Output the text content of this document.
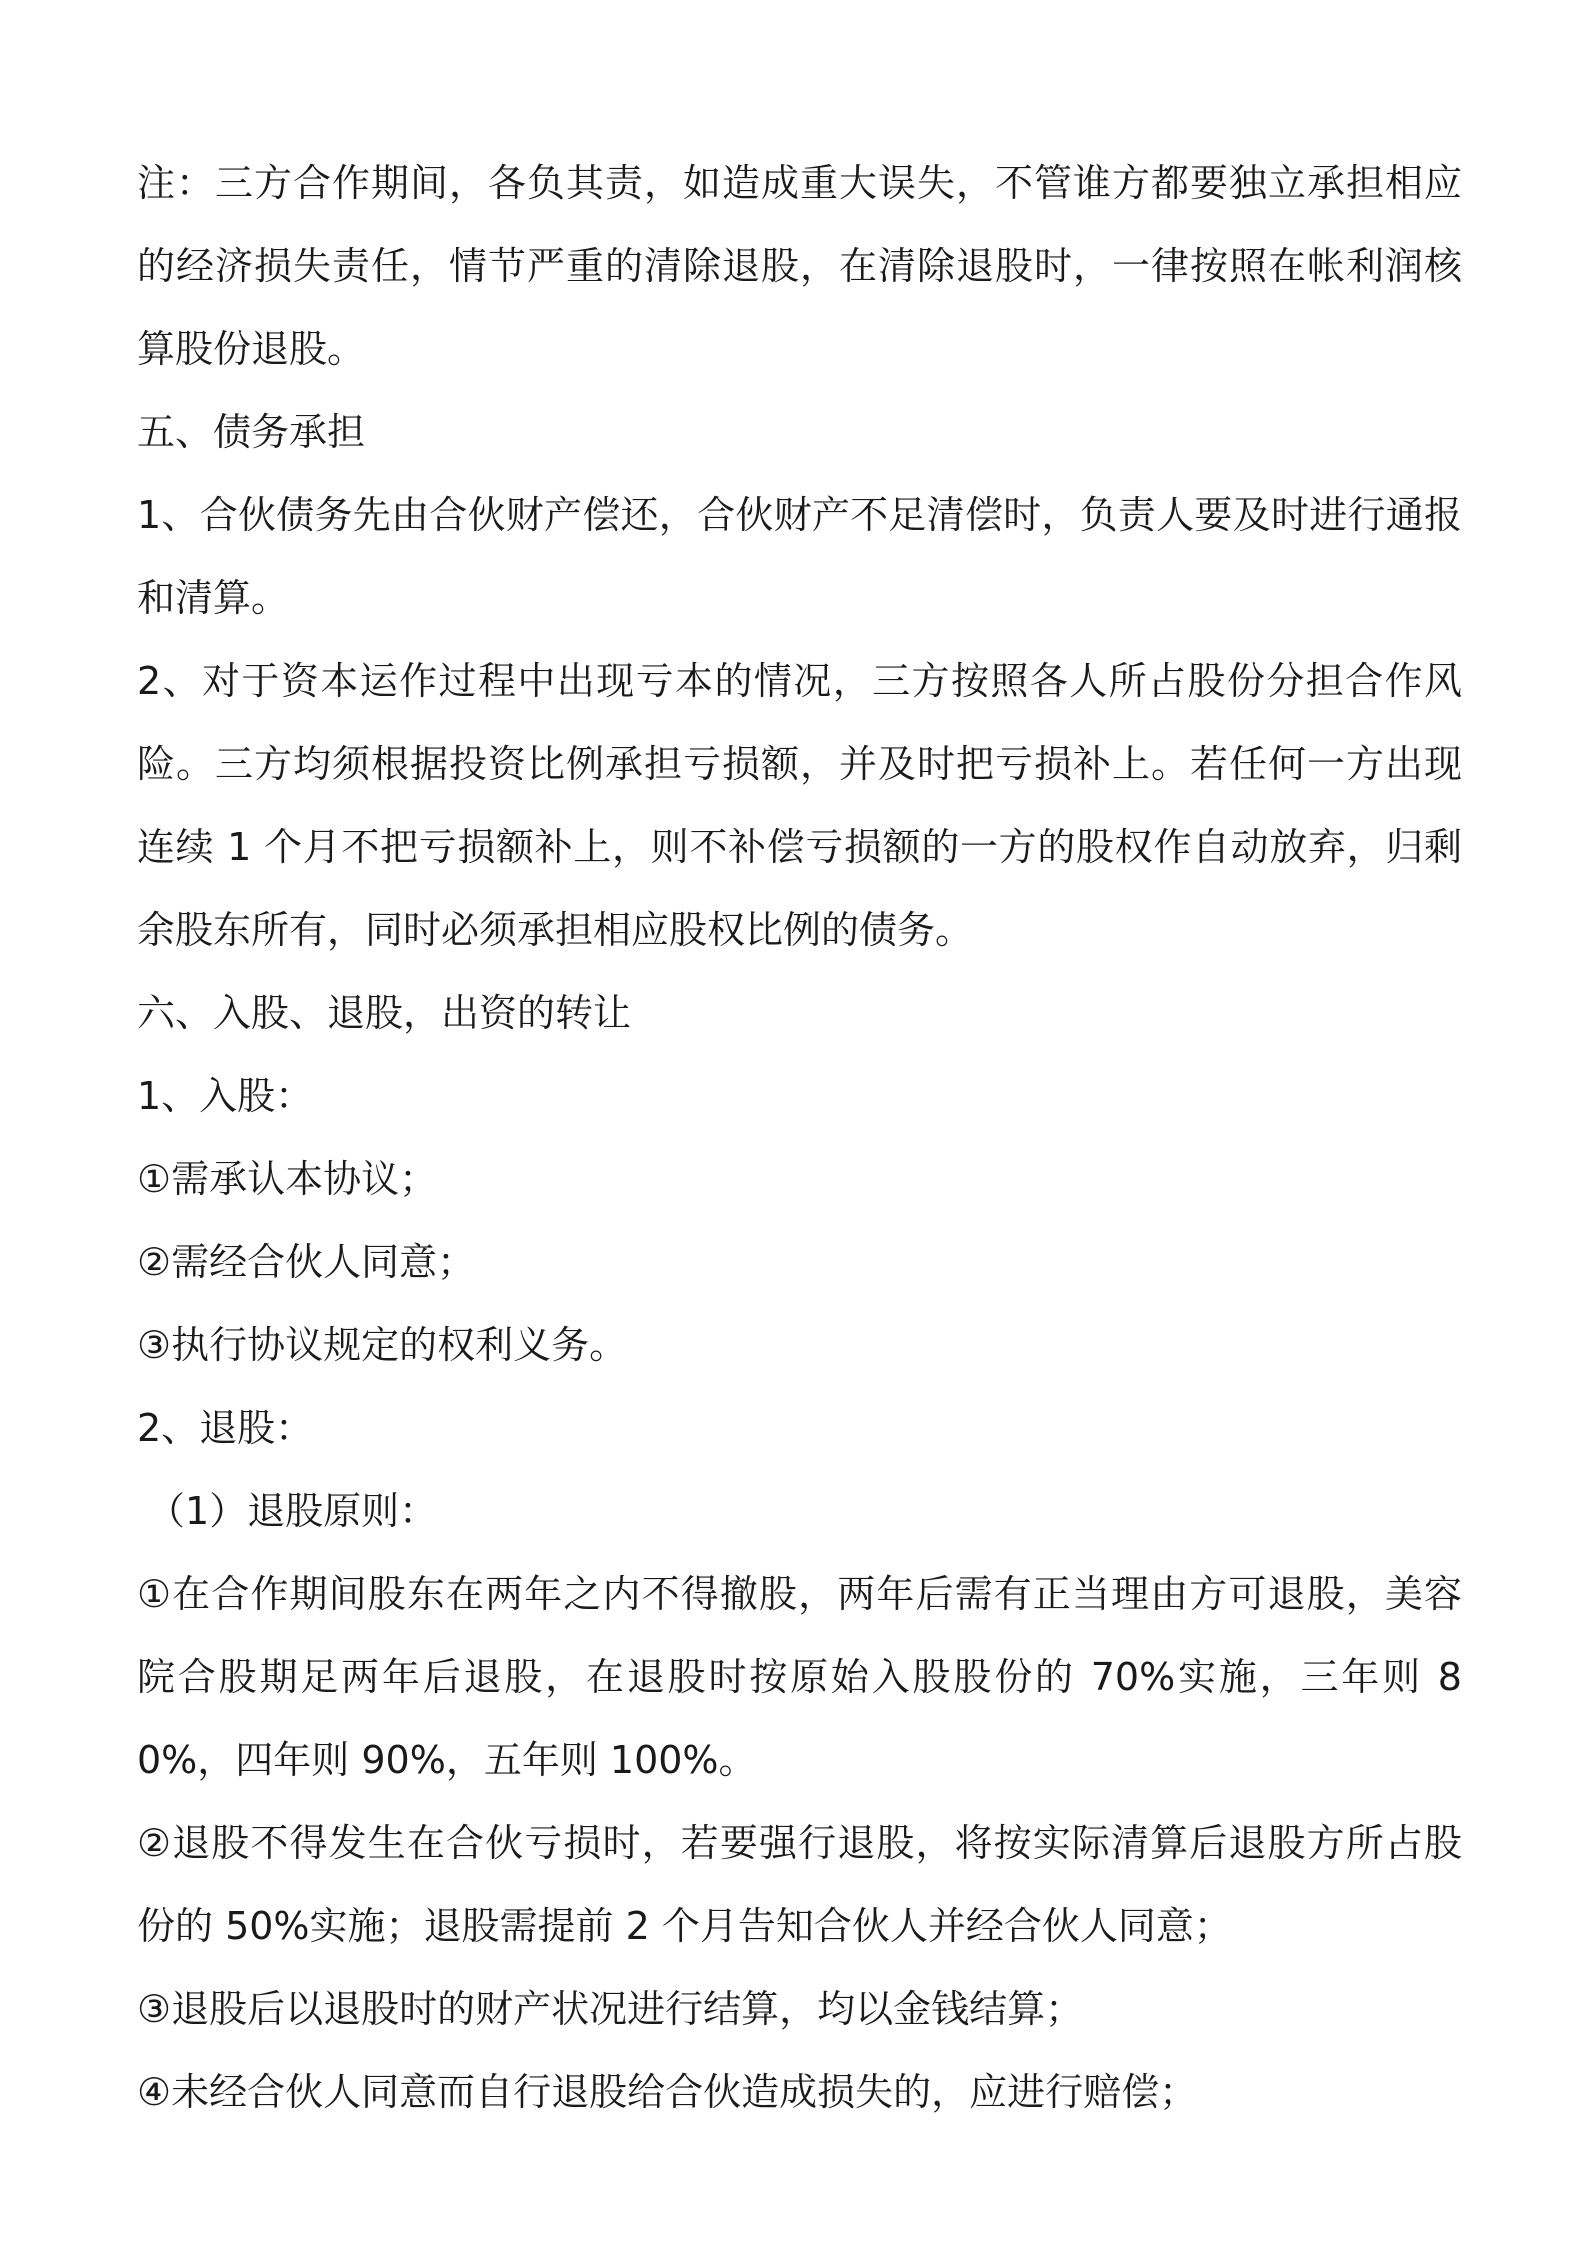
注：三方合作期间，各负其责，如造成重大误失，不管谁方都要独立承担相应的经济损失责任，情节严重的清除退股，在清除退股时，一律按照在帐利润核算股份退股。

五、债务承担

1、合伙债务先由合伙财产偿还，合伙财产不足清偿时，负责人要及时进行通报和清算。

2、对于资本运作过程中出现亏本的情况，三方按照各人所占股份分担合作风险。三方均须根据投资比例承担亏损额，并及时把亏损补上。若任何一方出现连续 1 个月不把亏损额补上，则不补偿亏损额的一方的股权作自动放弃，归剩余股东所有，同时必须承担相应股权比例的债务。

六、入股、退股，出资的转让

1、入股：

①需承认本协议；

②需经合伙人同意；

③执行协议规定的权利义务。

2、退股：

（1）退股原则：

①在合作期间股东在两年之内不得撤股，两年后需有正当理由方可退股，美容院合股期足两年后退股，在退股时按原始入股股份的 70%实施，三年则 80%，四年则 90%，五年则 100%。

②退股不得发生在合伙亏损时，若要强行退股，将按实际清算后退股方所占股份的 50%实施；退股需提前 2 个月告知合伙人并经合伙人同意；

③退股后以退股时的财产状况进行结算，均以金钱结算；

④未经合伙人同意而自行退股给合伙造成损失的，应进行赔偿；
